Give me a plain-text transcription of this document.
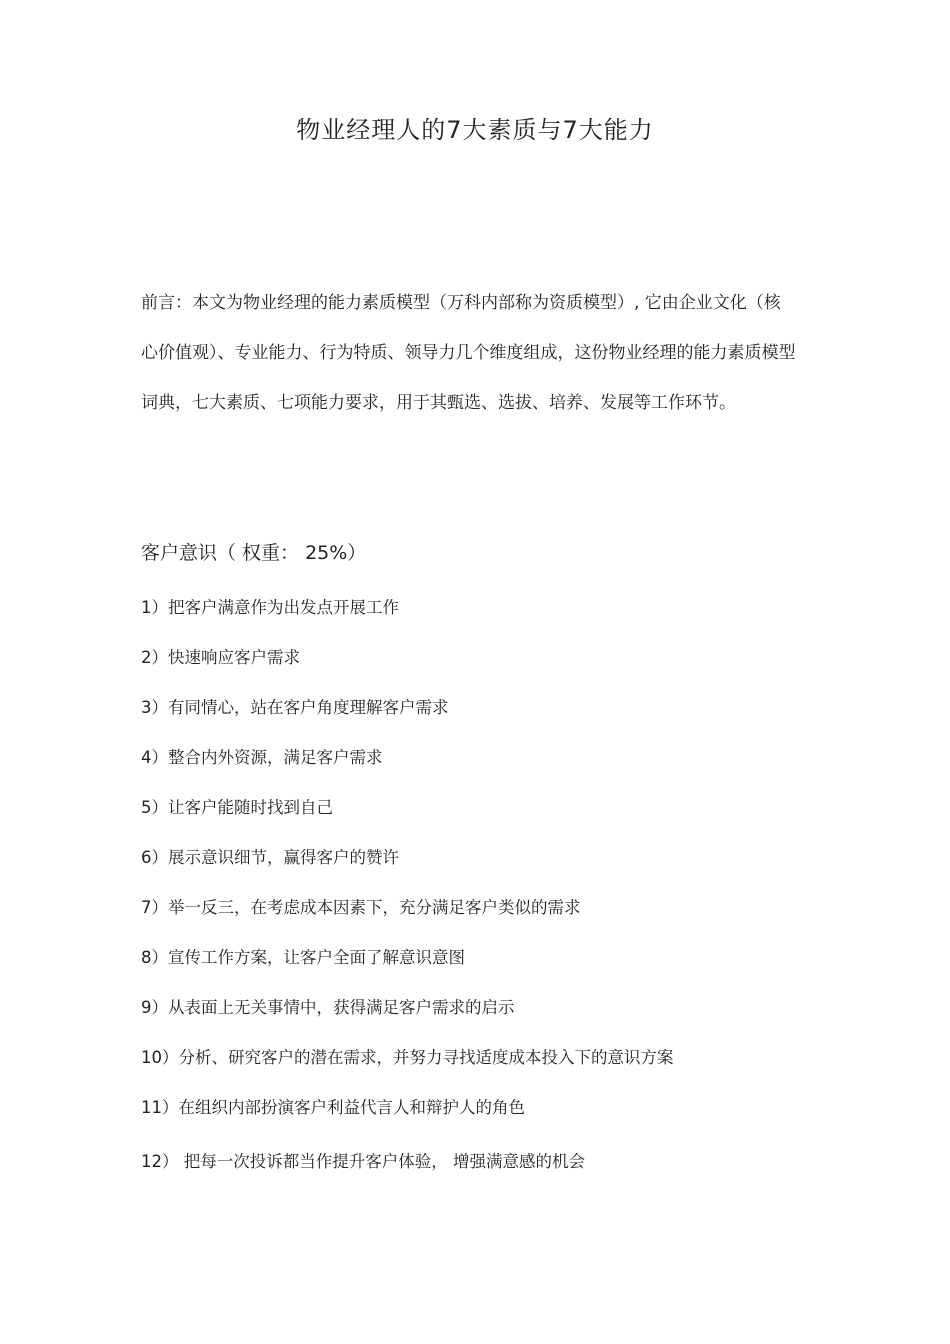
物业经理人的7大素质与7大能力

前言：本文为物业经理的能力素质模型（万科内部称为资质模型）, 它由企业文化（核心价值观）、专业能力、行为特质、领导力几个维度组成，这份物业经理的能力素质模型词典，七大素质、七项能力要求，用于其甄选、选拔、培养、发展等工作环节。

客户意识（ 权重： 25%）
1）把客户满意作为出发点开展工作
2）快速响应客户需求
3）有同情心，站在客户角度理解客户需求
4）整合内外资源，满足客户需求
5）让客户能随时找到自己
6）展示意识细节，赢得客户的赞许
7）举一反三，在考虑成本因素下，充分满足客户类似的需求
8）宣传工作方案，让客户全面了解意识意图
9）从表面上无关事情中，获得满足客户需求的启示
10）分析、研究客户的潜在需求，并努力寻找适度成本投入下的意识方案
11）在组织内部扮演客户利益代言人和辩护人的角色
12） 把每一次投诉都当作提升客户体验， 增强满意感的机会
